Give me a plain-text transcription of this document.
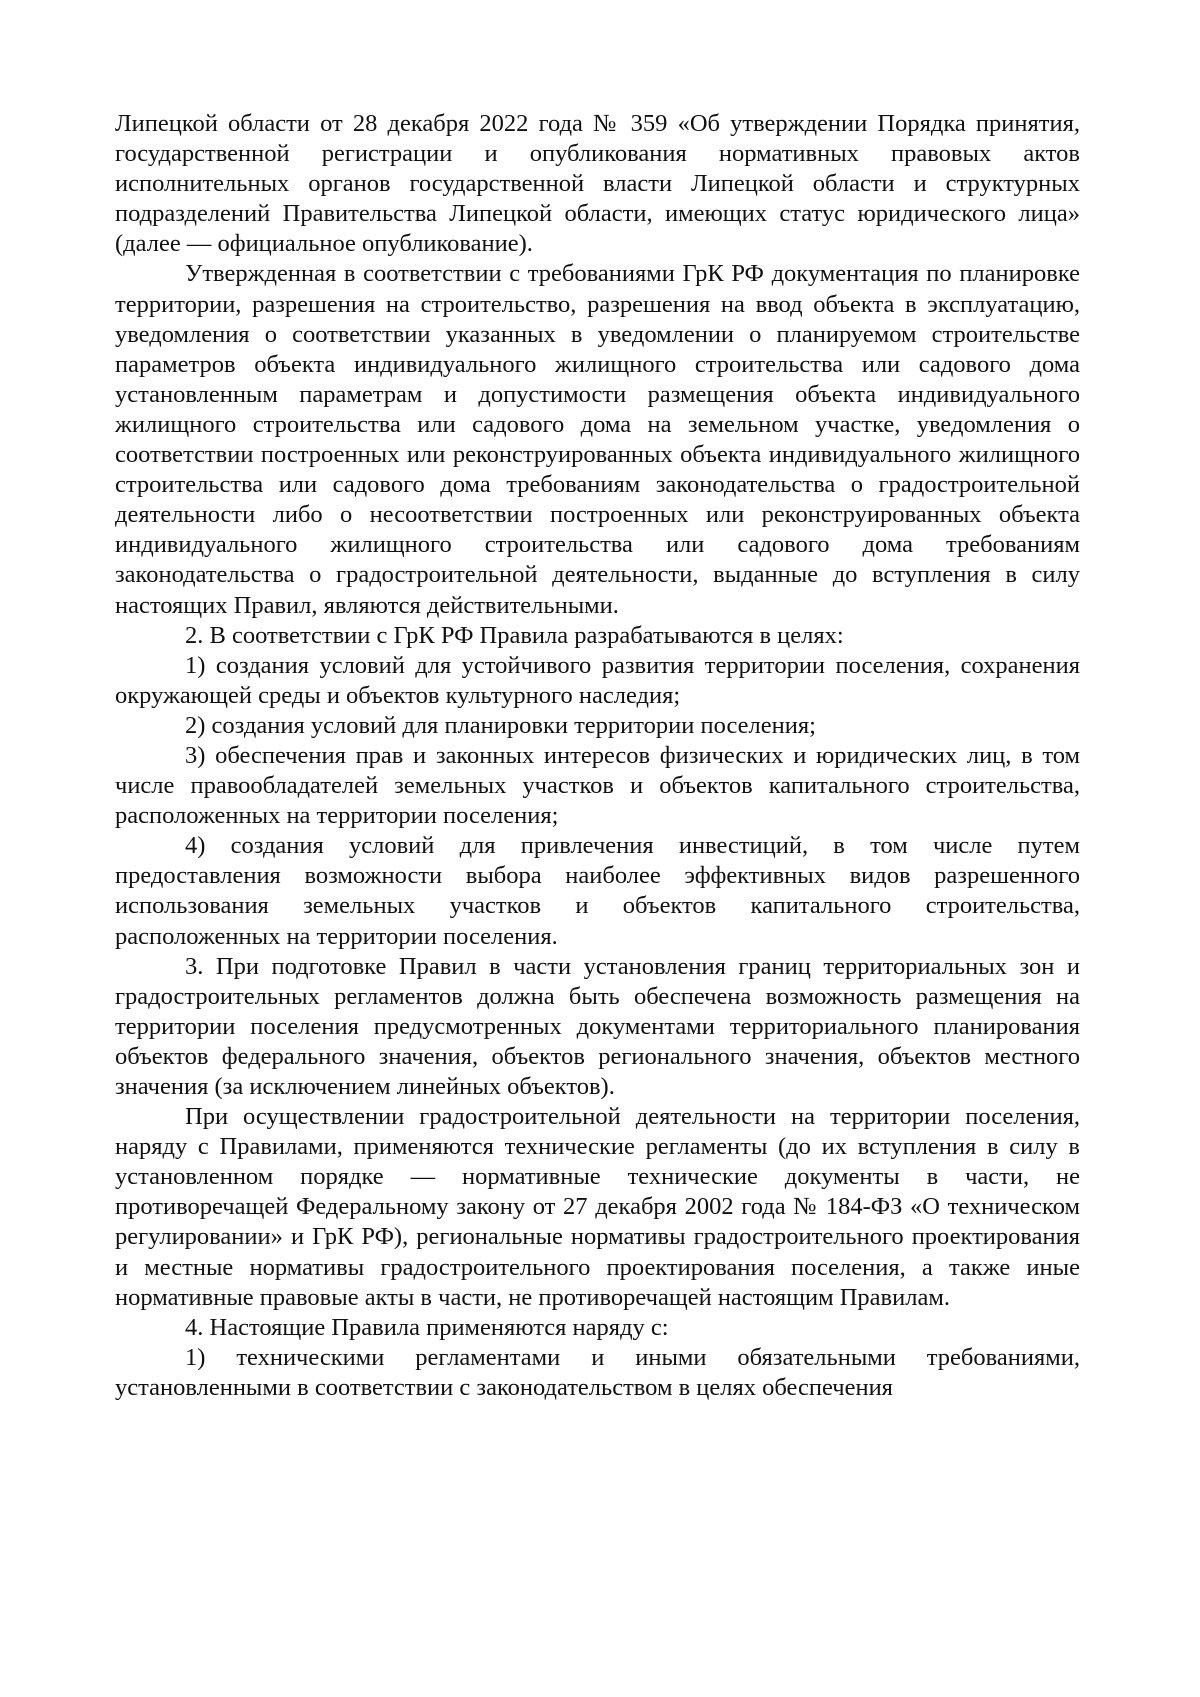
Липецкой области от 28 декабря 2022 года № 359 «Об утверждении Порядка принятия, государственной регистрации и опубликования нормативных правовых актов исполнительных органов государственной власти Липецкой области и структурных подразделений Правительства Липецкой области, имеющих статус юридического лица» (далее — официальное опубликование).

Утвержденная в соответствии с требованиями ГрК РФ документация по планировке территории, разрешения на строительство, разрешения на ввод объекта в эксплуатацию, уведомления о соответствии указанных в уведомлении о планируемом строительстве параметров объекта индивидуального жилищного строительства или садового дома установленным параметрам и допустимости размещения объекта индивидуального жилищного строительства или садового дома на земельном участке, уведомления о соответствии построенных или реконструированных объекта индивидуального жилищного строительства или садового дома требованиям законодательства о градостроительной деятельности либо о несоответствии построенных или реконструированных объекта индивидуального жилищного строительства или садового дома требованиям законодательства о градостроительной деятельности, выданные до вступления в силу настоящих Правил, являются действительными.

2. В соответствии с ГрК РФ Правила разрабатываются в целях:

1) создания условий для устойчивого развития территории поселения, сохранения окружающей среды и объектов культурного наследия;

2) создания условий для планировки территории поселения;

3) обеспечения прав и законных интересов физических и юридических лиц, в том числе правообладателей земельных участков и объектов капитального строительства, расположенных на территории поселения;

4) создания условий для привлечения инвестиций, в том числе путем предоставления возможности выбора наиболее эффективных видов разрешенного использования земельных участков и объектов капитального строительства, расположенных на территории поселения.

3. При подготовке Правил в части установления границ территориальных зон и градостроительных регламентов должна быть обеспечена возможность размещения на территории поселения предусмотренных документами территориального планирования объектов федерального значения, объектов регионального значения, объектов местного значения (за исключением линейных объектов).

При осуществлении градостроительной деятельности на территории поселения, наряду с Правилами, применяются технические регламенты (до их вступления в силу в установленном порядке — нормативные технические документы в части, не противоречащей Федеральному закону от 27 декабря 2002 года № 184-ФЗ «О техническом регулировании» и ГрК РФ), региональные нормативы градостроительного проектирования и местные нормативы градостроительного проектирования поселения, а также иные нормативные правовые акты в части, не противоречащей настоящим Правилам.

4. Настоящие Правила применяются наряду с:

1) техническими регламентами и иными обязательными требованиями, установленными в соответствии с законодательством в целях обеспечения
